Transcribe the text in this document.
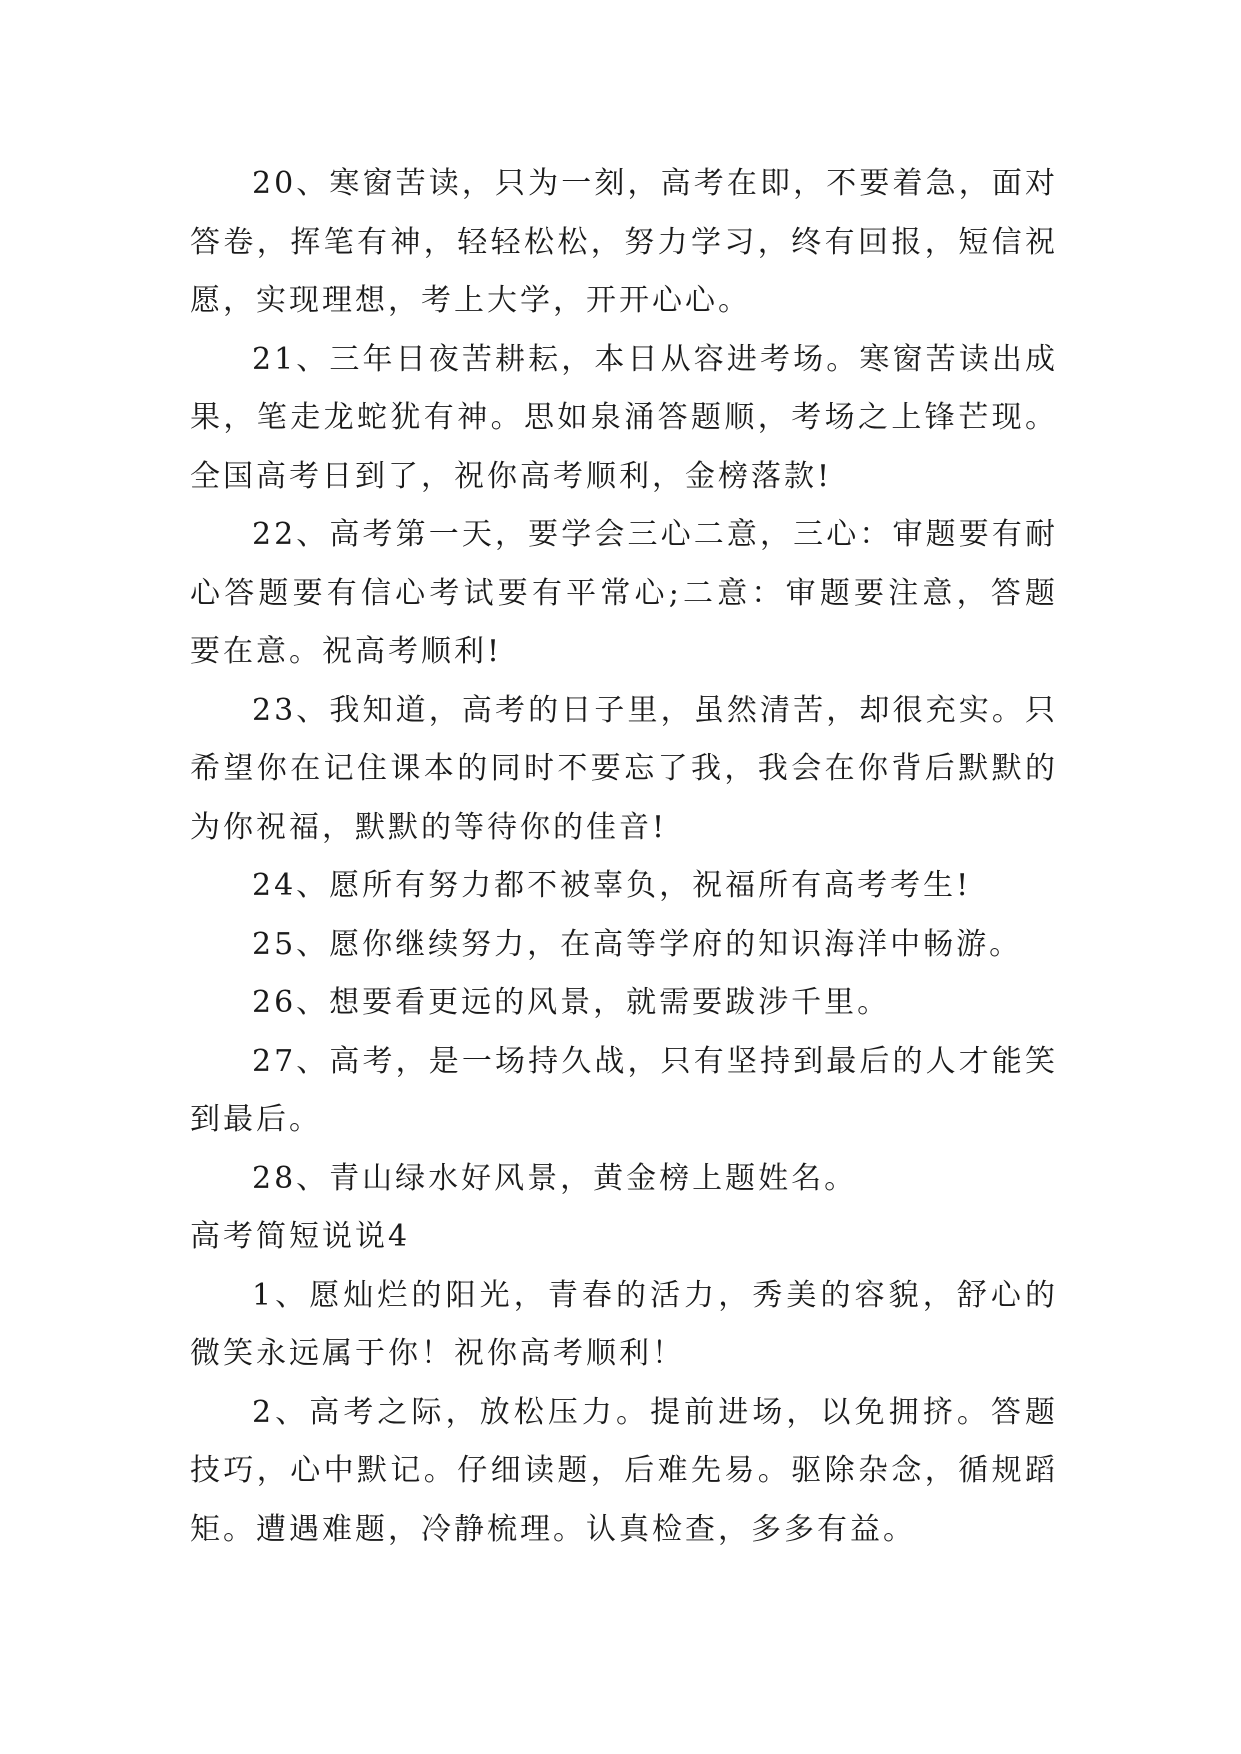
20、寒窗苦读，只为一刻，高考在即，不要着急，面对答卷，挥笔有神，轻轻松松，努力学习，终有回报，短信祝愿，实现理想，考上大学，开开心心。

21、三年日夜苦耕耘，本日从容进考场。寒窗苦读出成果，笔走龙蛇犹有神。思如泉涌答题顺，考场之上锋芒现。全国高考日到了，祝你高考顺利，金榜落款!

22、高考第一天，要学会三心二意，三心：审题要有耐心答题要有信心考试要有平常心;二意：审题要注意，答题要在意。祝高考顺利!

23、我知道，高考的日子里，虽然清苦，却很充实。只希望你在记住课本的同时不要忘了我，我会在你背后默默的为你祝福，默默的等待你的佳音!

24、愿所有努力都不被辜负，祝福所有高考考生!

25、愿你继续努力，在高等学府的知识海洋中畅游。

26、想要看更远的风景，就需要跋涉千里。

27、高考，是一场持久战，只有坚持到最后的人才能笑到最后。

28、青山绿水好风景，黄金榜上题姓名。

高考简短说说4

1、愿灿烂的阳光，青春的活力，秀美的容貌，舒心的微笑永远属于你！祝你高考顺利！

2、高考之际，放松压力。提前进场，以免拥挤。答题技巧，心中默记。仔细读题，后难先易。驱除杂念，循规蹈矩。遭遇难题，冷静梳理。认真检查，多多有益。
